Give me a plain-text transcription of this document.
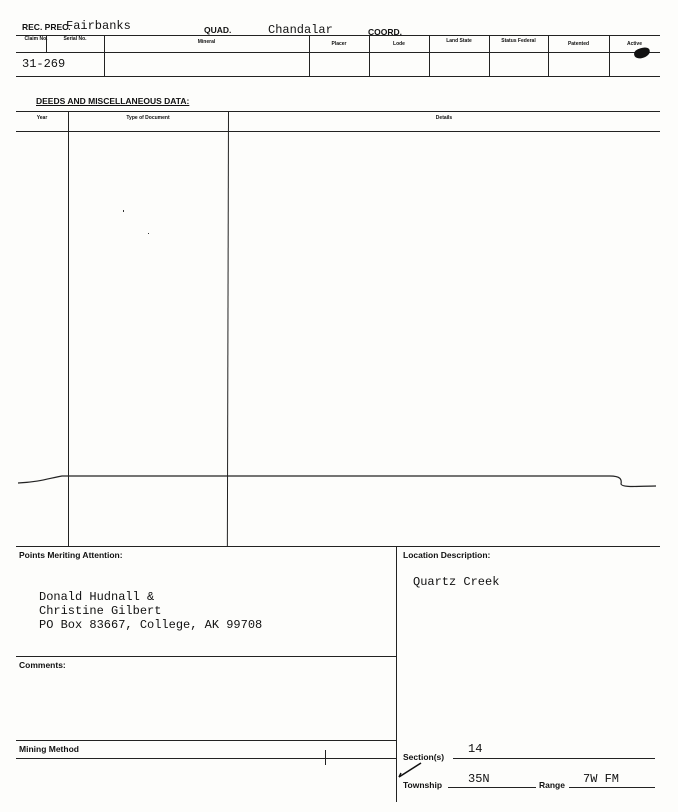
REC. PREC.
Fairbanks	QUAD.	Chandalar	COORD.
Claim No.	Serial No.	Mineral	Placer	Lode	Land State	Status Federal	Patented	Active
31-269
DEEDS AND MISCELLANEOUS DATA:
Year	Type of Document	Details
Points Meriting Attention:
Donald Hudnall &
Christine Gilbert
PO Box 83667, College, AK 99708
Location Description:
Quartz Creek
Comments:
Mining Method
Section(s)
14
Township 35N	Range 7W FM
